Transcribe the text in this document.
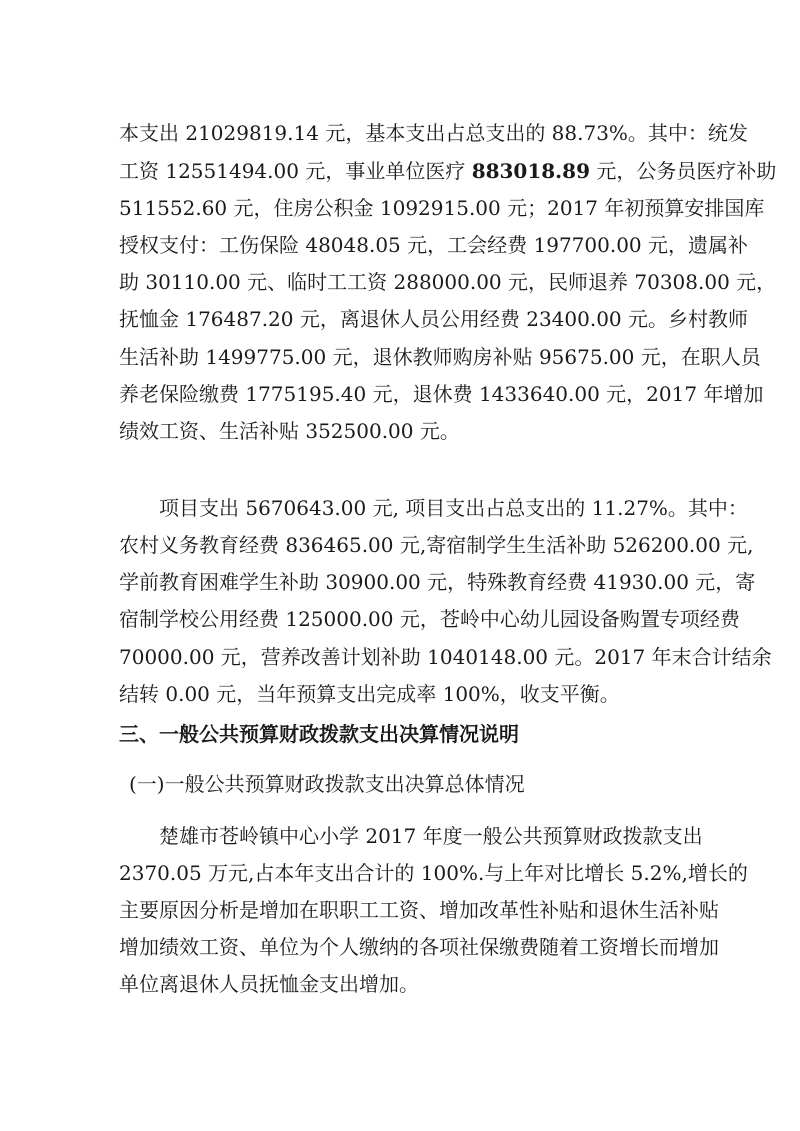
本支出 21029819.14 元，基本支出占总支出的 88.73%。其中：统发
工资 12551494.00 元，事业单位医疗 883018.89 元，公务员医疗补助
511552.60 元，住房公积金 1092915.00 元；2017 年初预算安排国库
授权支付：工伤保险 48048.05 元，工会经费 197700.00 元，遗属补
助 30110.00 元、临时工工资 288000.00 元，民师退养 70308.00 元，
抚恤金 176487.20 元，离退休人员公用经费 23400.00 元。乡村教师
生活补助 1499775.00 元，退休教师购房补贴 95675.00 元，在职人员
养老保险缴费 1775195.40 元，退休费 1433640.00 元，2017 年增加
绩效工资、生活补贴 352500.00 元。
项目支出 5670643.00 元, 项目支出占总支出的 11.27%。其中：
农村义务教育经费 836465.00 元,寄宿制学生生活补助 526200.00 元,
学前教育困难学生补助 30900.00 元，特殊教育经费 41930.00 元，寄
宿制学校公用经费 125000.00 元，苍岭中心幼儿园设备购置专项经费
70000.00 元，营养改善计划补助 1040148.00 元。2017 年末合计结余
结转 0.00 元，当年预算支出完成率 100%，收支平衡。
三、一般公共预算财政拨款支出决算情况说明
(一)一般公共预算财政拨款支出决算总体情况
楚雄市苍岭镇中心小学 2017 年度一般公共预算财政拨款支出
2370.05 万元,占本年支出合计的 100%.与上年对比增长 5.2%,增长的
主要原因分析是增加在职职工工资、增加改革性补贴和退休生活补贴
增加绩效工资、单位为个人缴纳的各项社保缴费随着工资增长而增加
单位离退休人员抚恤金支出增加。
